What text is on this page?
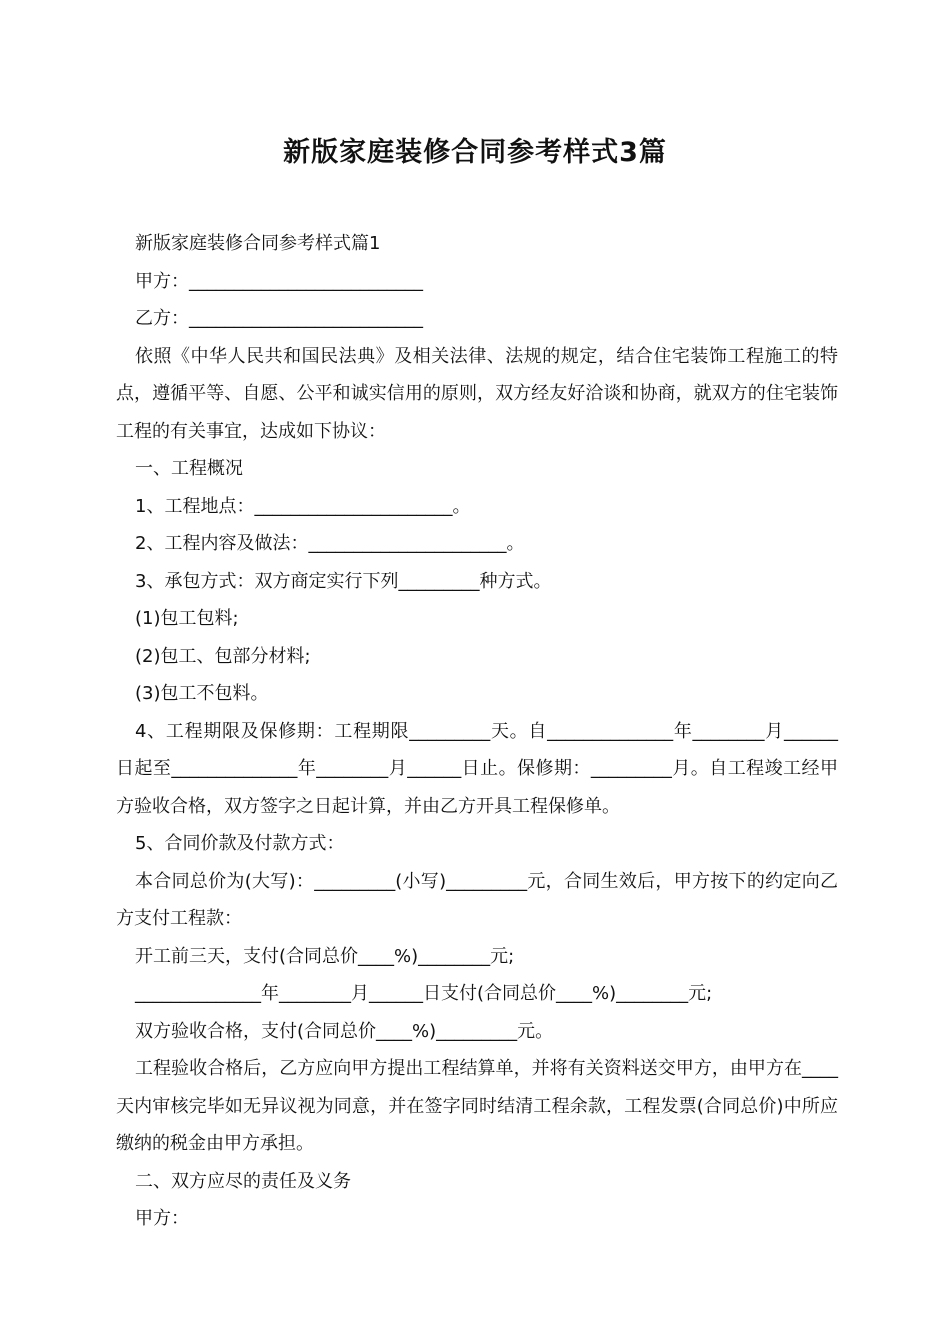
新版家庭装修合同参考样式3篇

新版家庭装修合同参考样式篇1

甲方：__________________________

乙方：__________________________

依照《中华人民共和国民法典》及相关法律、法规的规定，结合住宅装饰工程施工的特点，遵循平等、自愿、公平和诚实信用的原则，双方经友好洽谈和协商，就双方的住宅装饰工程的有关事宜，达成如下协议：

一、工程概况

1、工程地点：______________________。

2、工程内容及做法：______________________。

3、承包方式：双方商定实行下列_________种方式。

(1)包工包料;

(2)包工、包部分材料;

(3)包工不包料。

4、工程期限及保修期：工程期限_________天。自______________年________月______日起至______________年________月______日止。保修期：_________月。自工程竣工经甲方验收合格，双方签字之日起计算，并由乙方开具工程保修单。

5、合同价款及付款方式：

本合同总价为(大写)：_________(小写)_________元，合同生效后，甲方按下的约定向乙方支付工程款：

开工前三天，支付(合同总价____%)________元;

______________年________月______日支付(合同总价____%)________元;

双方验收合格，支付(合同总价____%)_________元。

工程验收合格后，乙方应向甲方提出工程结算单，并将有关资料送交甲方，由甲方在____天内审核完毕如无异议视为同意，并在签字同时结清工程余款，工程发票(合同总价)中所应缴纳的税金由甲方承担。

二、双方应尽的责任及义务

甲方：
